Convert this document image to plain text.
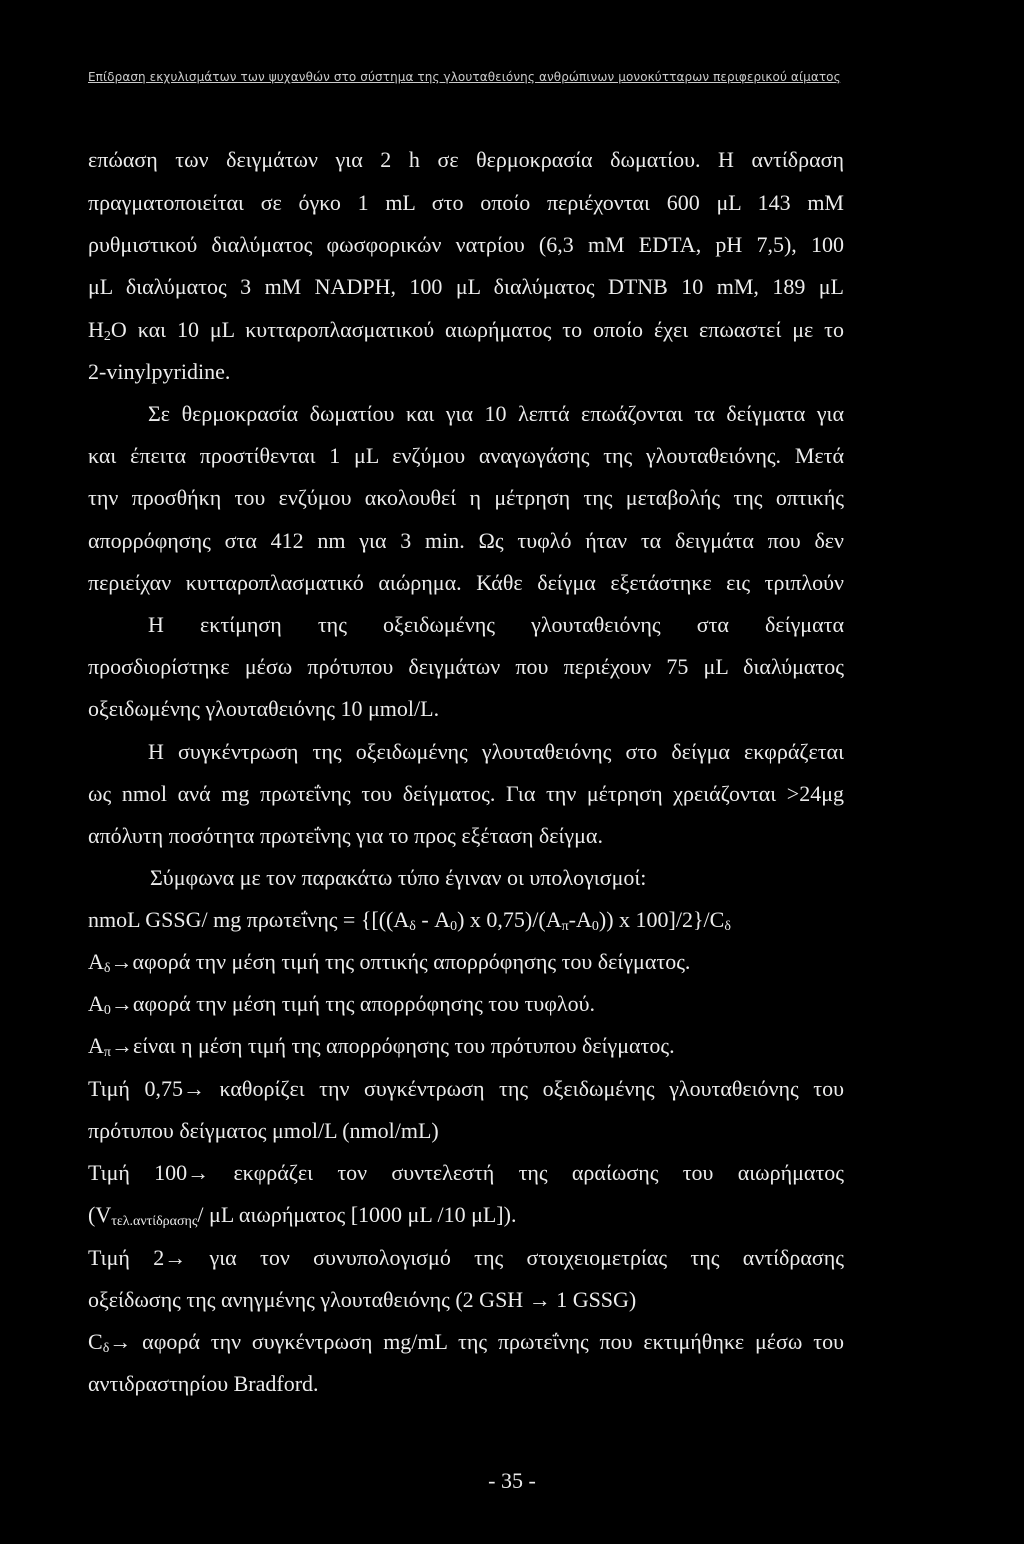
Επίδραση εκχυλισμάτων των ψυχανθών στο σύστημα της γλουταθειόνης ανθρώπινων μονοκύτταρων περιφερικού αίματος
επώαση των δειγμάτων για 2 h σε θερμοκρασία δωματίου. Η αντίδραση
πραγματοποιείται σε όγκο 1 mL στο οποίο περιέχονται 600 μL 143 mM
ρυθμιστικού διαλύματος φωσφορικών νατρίου (6,3 mM EDTA, pH 7,5), 100
μL διαλύματος 3 mM NADPH, 100 μL διαλύματος DTNB 10 mM, 189 μL
$H_2O$ και 10 μL κυτταροπλασματικού αιωρήματος το οποίο έχει επωαστεί με το
2-vinylpyridine.
Σε θερμοκρασία δωματίου και για 10 λεπτά επωάζονται τα δείγματα για
και έπειτα προστίθενται 1 μL ενζύμου αναγωγάσης της γλουταθειόνης. Μετά
την προσθήκη του ενζύμου ακολουθεί η μέτρηση της μεταβολής της οπτικής
απορρόφησης στα 412 nm για 3 min. Ως τυφλό ήταν τα δειγμάτα που δεν
περιείχαν κυτταροπλασματικό αιώρημα. Κάθε δείγμα εξετάστηκε εις τριπλούν
Η εκτίμηση της οξειδωμένης γλουταθειόνης στα δείγματα
προσδιορίστηκε μέσω πρότυπου δειγμάτων που περιέχουν 75 μL διαλύματος
οξειδωμένης γλουταθειόνης 10 μmol/L.
Η συγκέντρωση της οξειδωμένης γλουταθειόνης στο δείγμα εκφράζεται
ως nmol ανά mg πρωτεΐνης του δείγματος. Για την μέτρηση χρειάζονται >24μg
απόλυτη ποσότητα πρωτεΐνης για το προς εξέταση δείγμα.
Σύμφωνα με τον παρακάτω τύπο έγιναν οι υπολογισμοί:
nmoL GSSG/ mg $\pi\rho\omega\tau\varepsilon ΐ\nu\eta\varsigma = \{[((A_\delta - A_0)$ x $0,75)/(A_\pi-A_0)$) x $100]/2\}/C_\delta$
$A_\delta\to\alpha\varphi o\rho ά$ την μέση τιμή της οπτικής απορρόφησης του δείγματος.
$A_0\to\alpha\varphi o\rho ά$ την μέση τιμή της απορρόφησης του τυφλού.
$A_\pi\to\varepsilon ί\nu\alpha\iota$ η μέση τιμή της απορρόφησης του πρότυπου δείγματος.
Τιμή 0,75→ καθορίζει την συγκέντρωση της οξειδωμένης γλουταθειόνης του
πρότυπου δείγματος μmol/L (nmol/mL)
Τιμή 100→ εκφράζει τον συντελεστή της αραίωσης του αιωρήματος
($V_{\tau\varepsilon\lambda.\alpha\nu\tau ί\delta\rho\alpha\sigma\eta\varsigma}/$ μL αιωρήματος [1000 μL /10 μL]).
Τιμή 2→ για τον συνυπολογισμό της στοιχειομετρίας της αντίδρασης
οξείδωσης της ανηγμένης γλουταθειόνης (2 GSH → 1 GSSG)
$C_\delta\to \alpha\varphi o\rho ά$ την συγκέντρωση mg/mL της πρωτεΐνης που εκτιμήθηκε μέσω του
αντιδραστηρίου Bradford.
- 35 -
